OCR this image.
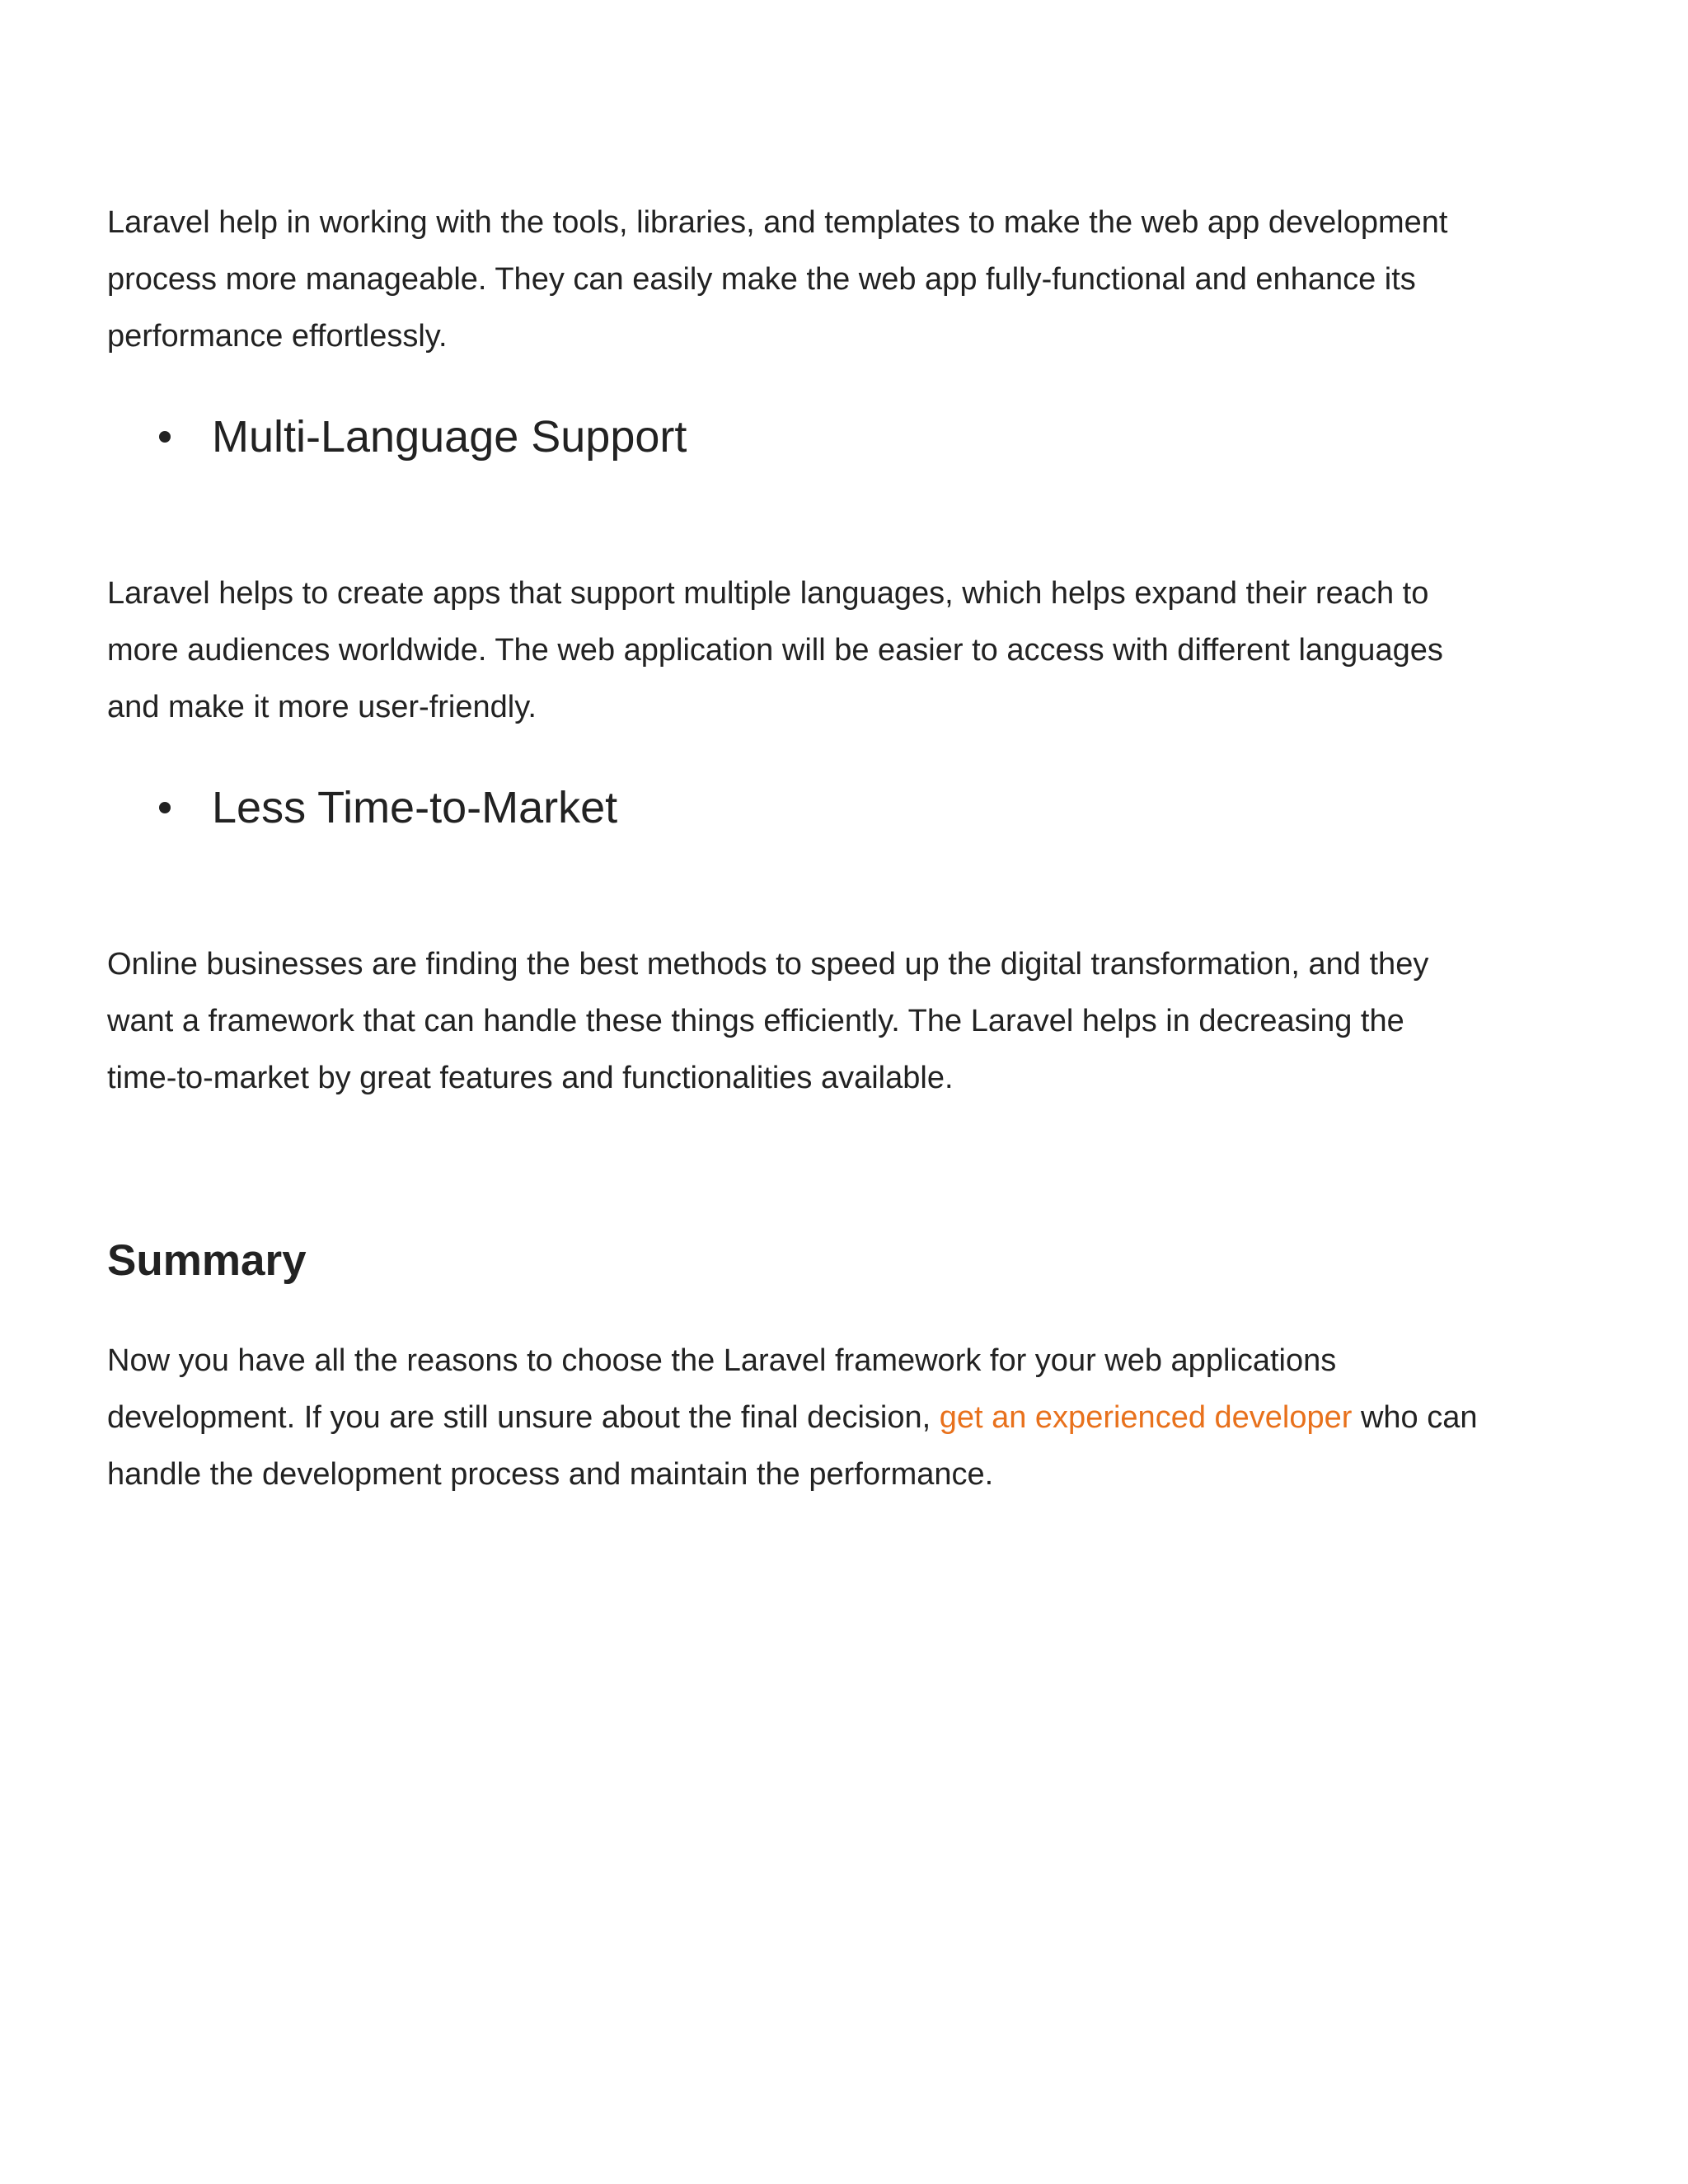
Laravel help in working with the tools, libraries, and templates to make the web app development
process more manageable. They can easily make the web app fully-functional and enhance its
performance effortlessly.

Multi-Language Support

Laravel helps to create apps that support multiple languages, which helps expand their reach to
more audiences worldwide. The web application will be easier to access with different languages
and make it more user-friendly.

Less Time-to-Market

Online businesses are finding the best methods to speed up the digital transformation, and they
want a framework that can handle these things efficiently. The Laravel helps in decreasing the
time-to-market by great features and functionalities available.

Summary

Now you have all the reasons to choose the Laravel framework for your web applications
development. If you are still unsure about the final decision, get an experienced developer who can
handle the development process and maintain the performance.
